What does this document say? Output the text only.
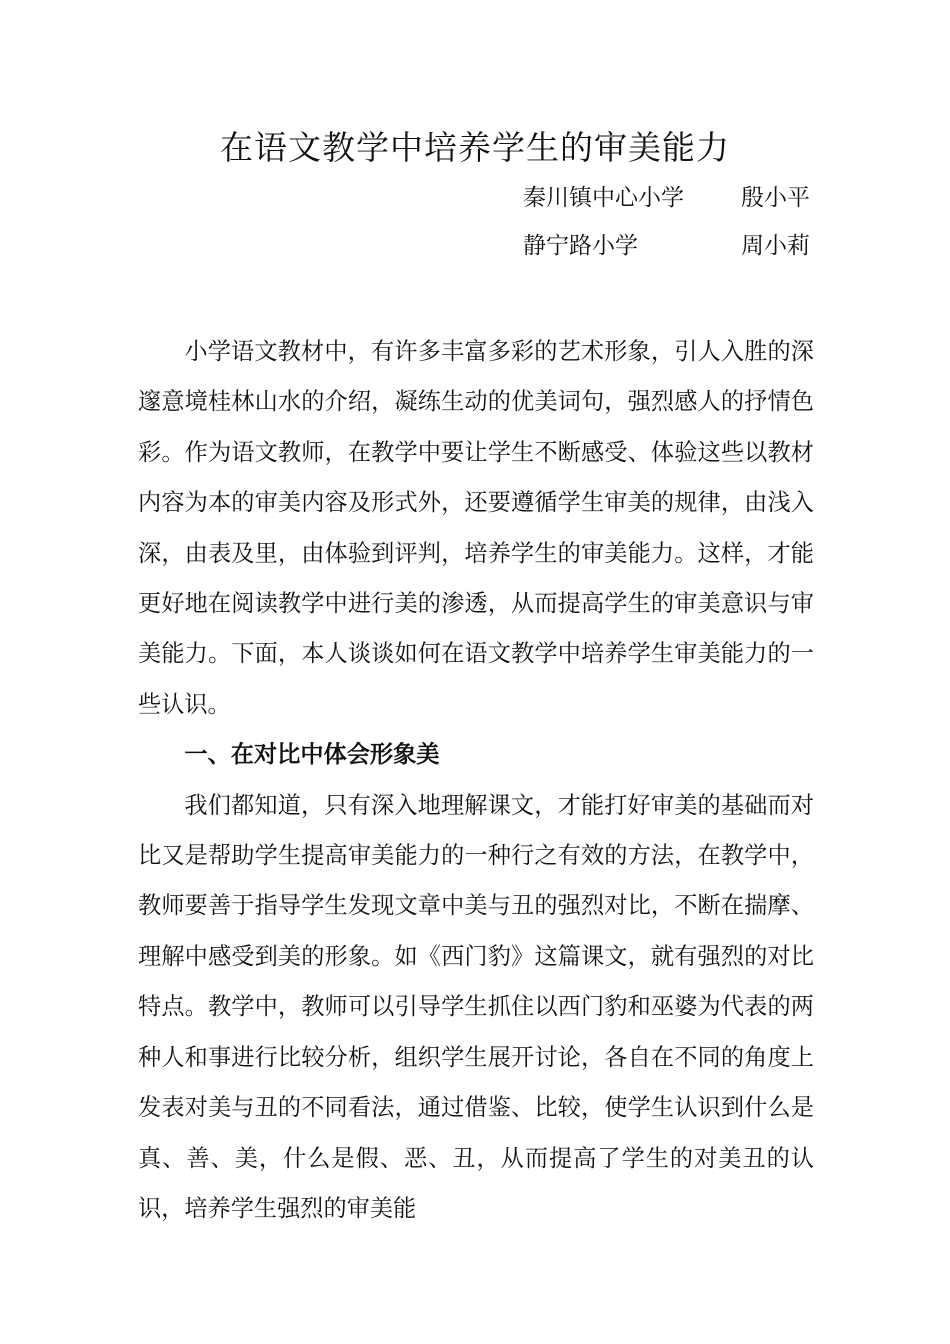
在语文教学中培养学生的审美能力
秦川镇中心小学 殷小平
静宁路小学	周小莉

小学语文教材中，有许多丰富多彩的艺术形象，引人入胜的深邃意境桂林山水的介绍，凝练生动的优美词句，强烈感人的抒情色彩。作为语文教师，在教学中要让学生不断感受、体验这些以教材内容为本的审美内容及形式外，还要遵循学生审美的规律，由浅入深，由表及里，由体验到评判，培养学生的审美能力。这样，才能更好地在阅读教学中进行美的渗透，从而提高学生的审美意识与审美能力。下面，本人谈谈如何在语文教学中培养学生审美能力的一些认识。

一、在对比中体会形象美

我们都知道，只有深入地理解课文，才能打好审美的基础而对比又是帮助学生提高审美能力的一种行之有效的方法，在教学中，教师要善于指导学生发现文章中美与丑的强烈对比，不断在揣摩、理解中感受到美的形象。如《西门豹》这篇课文，就有强烈的对比特点。教学中，教师可以引导学生抓住以西门豹和巫婆为代表的两种人和事进行比较分析，组织学生展开讨论，各自在不同的角度上发表对美与丑的不同看法，通过借鉴、比较，使学生认识到什么是真、善、美，什么是假、恶、丑，从而提高了学生的对美丑的认识，培养学生强烈的审美能
